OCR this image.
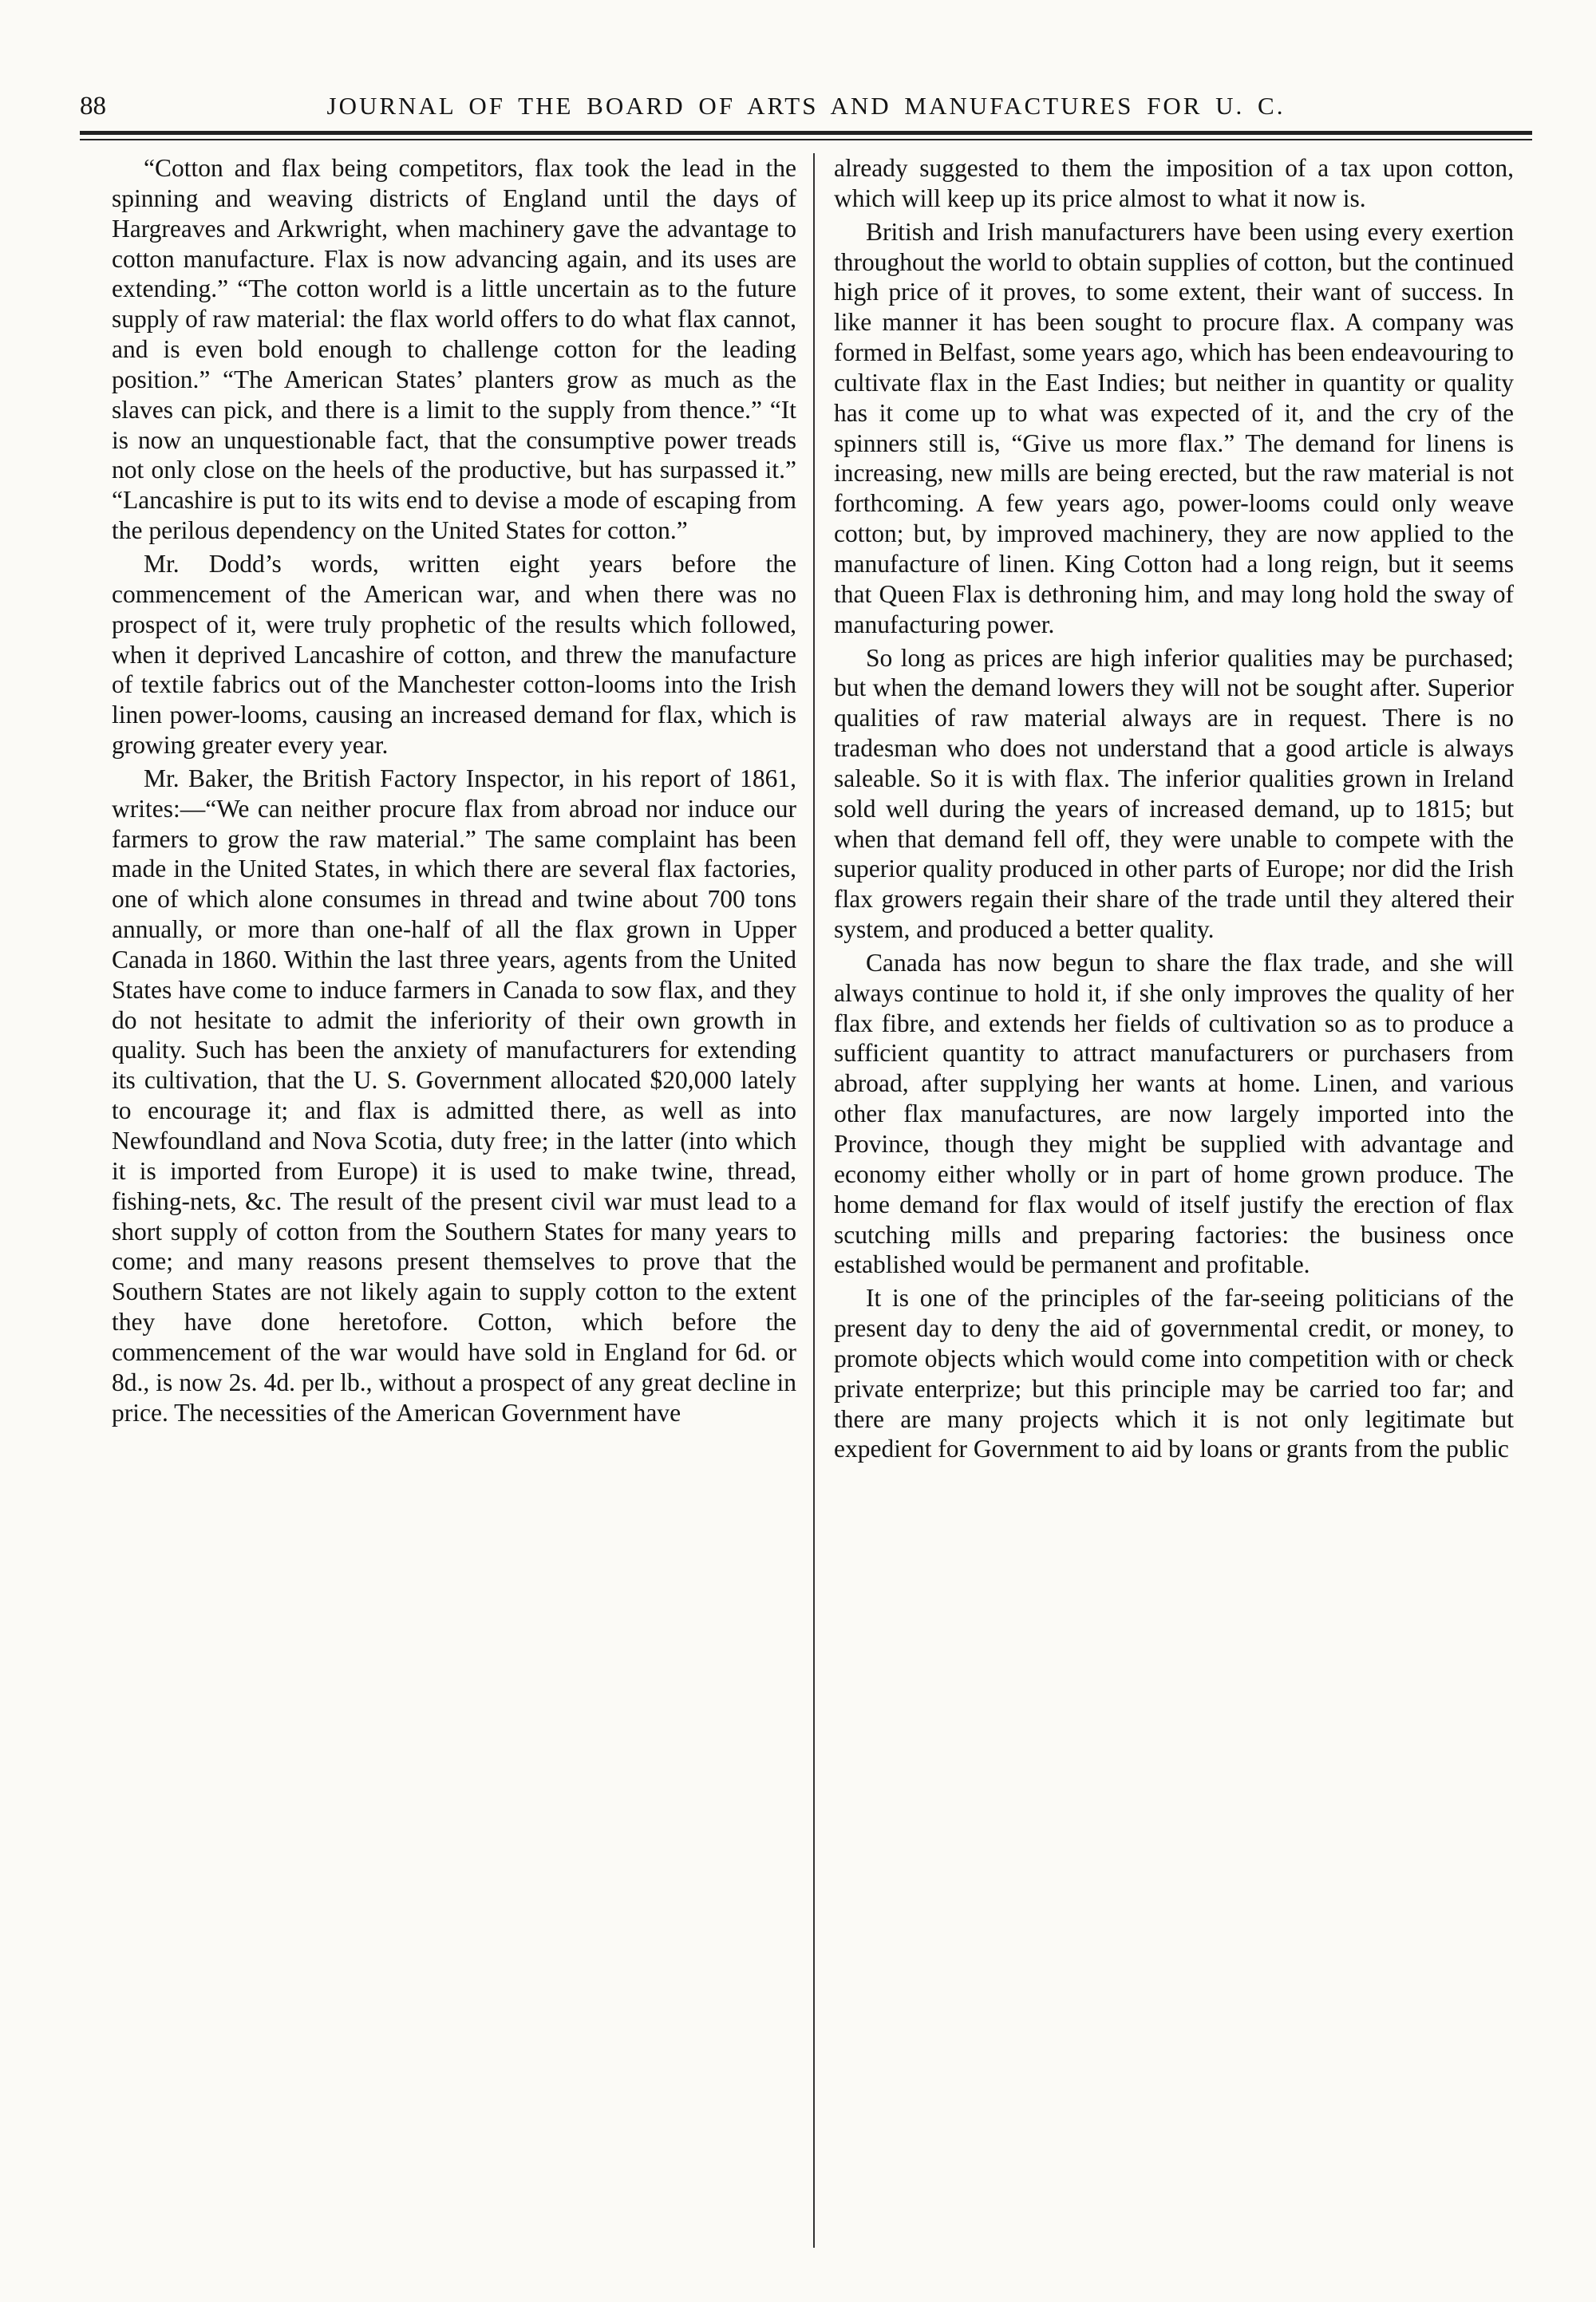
88	JOURNAL OF THE BOARD OF ARTS AND MANUFACTURES FOR U. C.

“Cotton and flax being competitors, flax took the lead in the spinning and weaving districts of England until the days of Hargreaves and Arkwright, when machinery gave the advantage to cotton manufacture. Flax is now advancing again, and its uses are extending.” “The cotton world is a little uncertain as to the future supply of raw material: the flax world offers to do what flax cannot, and is even bold enough to challenge cotton for the leading position.” “The American States’ planters grow as much as the slaves can pick, and there is a limit to the supply from thence.” “It is now an unquestionable fact, that the consumptive power treads not only close on the heels of the productive, but has surpassed it.” “Lancashire is put to its wits end to devise a mode of escaping from the perilous dependency on the United States for cotton.”

Mr. Dodd’s words, written eight years before the commencement of the American war, and when there was no prospect of it, were truly prophetic of the results which followed, when it deprived Lancashire of cotton, and threw the manufacture of textile fabrics out of the Manchester cotton-looms into the Irish linen power-looms, causing an increased demand for flax, which is growing greater every year.

Mr. Baker, the British Factory Inspector, in his report of 1861, writes:—“We can neither procure flax from abroad nor induce our farmers to grow the raw material.” The same complaint has been made in the United States, in which there are several flax factories, one of which alone consumes in thread and twine about 700 tons annually, or more than one-half of all the flax grown in Upper Canada in 1860. Within the last three years, agents from the United States have come to induce farmers in Canada to sow flax, and they do not hesitate to admit the inferiority of their own growth in quality. Such has been the anxiety of manufacturers for extending its cultivation, that the U. S. Government allocated $20,000 lately to encourage it; and flax is admitted there, as well as into Newfoundland and Nova Scotia, duty free; in the latter (into which it is imported from Europe) it is used to make twine, thread, fishing-nets, &c. The result of the present civil war must lead to a short supply of cotton from the Southern States for many years to come; and many reasons present themselves to prove that the Southern States are not likely again to supply cotton to the extent they have done heretofore. Cotton, which before the commencement of the war would have sold in England for 6d. or 8d., is now 2s. 4d. per lb., without a prospect of any great decline in price. The necessities of the American Government have

already suggested to them the imposition of a tax upon cotton, which will keep up its price almost to what it now is.

British and Irish manufacturers have been using every exertion throughout the world to obtain supplies of cotton, but the continued high price of it proves, to some extent, their want of success. In like manner it has been sought to procure flax. A company was formed in Belfast, some years ago, which has been endeavouring to cultivate flax in the East Indies; but neither in quantity or quality has it come up to what was expected of it, and the cry of the spinners still is, “Give us more flax.” The demand for linens is increasing, new mills are being erected, but the raw material is not forthcoming. A few years ago, power-looms could only weave cotton; but, by improved machinery, they are now applied to the manufacture of linen. King Cotton had a long reign, but it seems that Queen Flax is dethroning him, and may long hold the sway of manufacturing power.

So long as prices are high inferior qualities may be purchased; but when the demand lowers they will not be sought after. Superior qualities of raw material always are in request. There is no tradesman who does not understand that a good article is always saleable. So it is with flax. The inferior qualities grown in Ireland sold well during the years of increased demand, up to 1815; but when that demand fell off, they were unable to compete with the superior quality produced in other parts of Europe; nor did the Irish flax growers regain their share of the trade until they altered their system, and produced a better quality.

Canada has now begun to share the flax trade, and she will always continue to hold it, if she only improves the quality of her flax fibre, and extends her fields of cultivation so as to produce a sufficient quantity to attract manufacturers or purchasers from abroad, after supplying her wants at home. Linen, and various other flax manufactures, are now largely imported into the Province, though they might be supplied with advantage and economy either wholly or in part of home grown produce. The home demand for flax would of itself justify the erection of flax scutching mills and preparing factories: the business once established would be permanent and profitable.

It is one of the principles of the far-seeing politicians of the present day to deny the aid of governmental credit, or money, to promote objects which would come into competition with or check private enterprize; but this principle may be carried too far; and there are many projects which it is not only legitimate but expedient for Government to aid by loans or grants from the public
